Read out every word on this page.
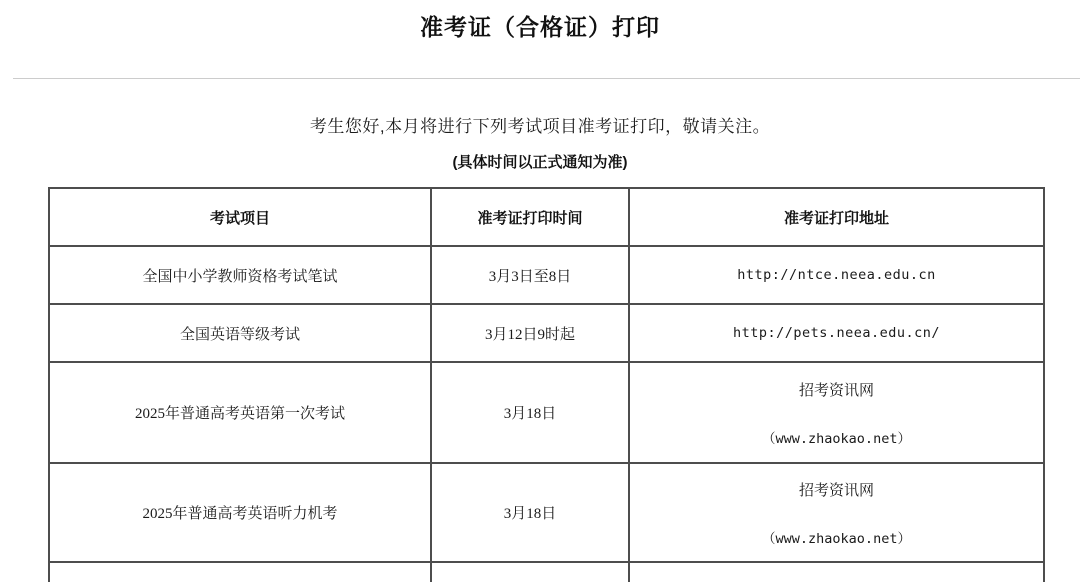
准考证（合格证）打印

考生您好,本月将进行下列考试项目准考证打印，敬请关注。

(具体时间以正式通知为准)

考试项目	准考证打印时间	准考证打印地址
全国中小学教师资格考试笔试	3月3日至8日	http://ntce.neea.edu.cn

全国英语等级考试	3月12日9时起	http://pets.neea.edu.cn/

2025年普通高考英语第一次考试	3月18日	招考资讯网
（www.zhaokao.net）

2025年普通高考英语听力机考	3月18日	招考资讯网
（www.zhaokao.net）
